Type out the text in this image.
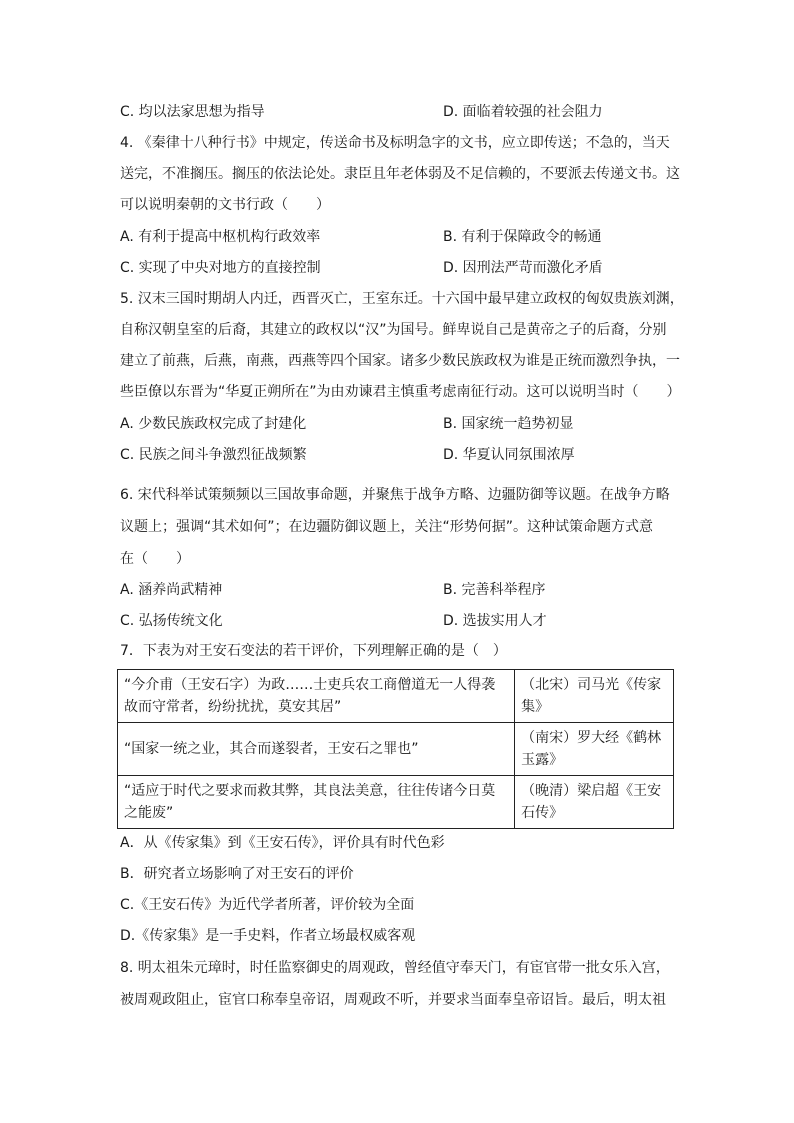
C. 均以法家思想为指导	D. 面临着较强的社会阻力
4. 《秦律十八种行书》中规定，传送命书及标明急字的文书，应立即传送；不急的，当天
送完，不准搁压。搁压的依法论处。隶臣且年老体弱及不足信赖的，不要派去传递文书。这
可以说明秦朝的文书行政（　　）
A. 有利于提高中枢机构行政效率	B. 有利于保障政令的畅通
C. 实现了中央对地方的直接控制	D. 因刑法严苛而激化矛盾
5. 汉末三国时期胡人内迁，西晋灭亡，王室东迁。十六国中最早建立政权的匈奴贵族刘渊，
自称汉朝皇室的后裔，其建立的政权以“汉”为国号。鲜卑说自己是黄帝之子的后裔，分别
建立了前燕，后燕，南燕，西燕等四个国家。诸多少数民族政权为谁是正统而激烈争执，一
些臣僚以东晋为“华夏正朔所在”为由劝谏君主慎重考虑南征行动。这可以说明当时（　　）
A. 少数民族政权完成了封建化	B. 国家统一趋势初显
C. 民族之间斗争激烈征战频繁	D. 华夏认同氛围浓厚
6. 宋代科举试策频频以三国故事命题，并聚焦于战争方略、边疆防御等议题。在战争方略
议题上；强调“其术如何”；在边疆防御议题上，关注“形势何据”。这种试策命题方式意
在（　　）
A. 涵养尚武精神	B. 完善科举程序
C. 弘扬传统文化	D. 选拔实用人才
7．下表为对王安石变法的若干评价，下列理解正确的是（　）
“今介甫（王安石字）为政……士吏兵农工商僧道无一人得袭故而守常者，纷纷扰扰，莫安其居”	（北宋）司马光《传家集》
“国家一统之业，其合而遂裂者，王安石之罪也”	（南宋）罗大经《鹤林玉露》
“适应于时代之要求而救其弊，其良法美意，往往传诸今日莫之能废”	（晚清）梁启超《王安石传》
A．从《传家集》到《王安石传》，评价具有时代色彩
B．研究者立场影响了对王安石的评价
C.《王安石传》为近代学者所著，评价较为全面
D.《传家集》是一手史料，作者立场最权威客观
8. 明太祖朱元璋时，时任监察御史的周观政，曾经值守奉天门，有宦官带一批女乐入宫，
被周观政阻止，宦官口称奉皇帝诏，周观政不听，并要求当面奉皇帝诏旨。最后，明太祖
